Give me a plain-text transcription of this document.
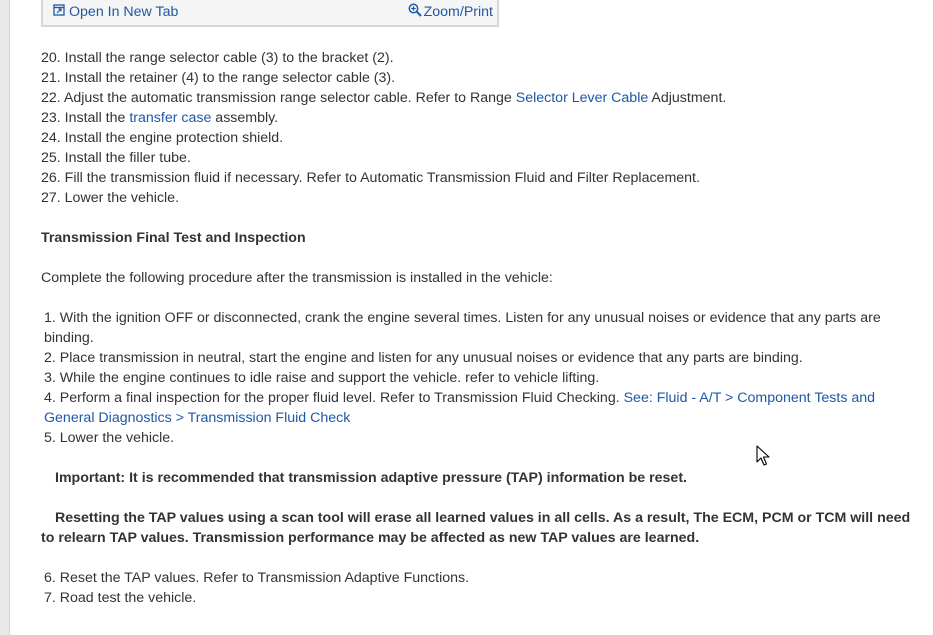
Open In New Tab	Zoom/Print
20. Install the range selector cable (3) to the bracket (2).
21. Install the retainer (4) to the range selector cable (3).
22. Adjust the automatic transmission range selector cable. Refer to Range Selector Lever Cable Adjustment.
23. Install the transfer case assembly.
24. Install the engine protection shield.
25. Install the filler tube.
26. Fill the transmission fluid if necessary. Refer to Automatic Transmission Fluid and Filter Replacement.
27. Lower the vehicle.
Transmission Final Test and Inspection
Complete the following procedure after the transmission is installed in the vehicle:
1. With the ignition OFF or disconnected, crank the engine several times. Listen for any unusual noises or evidence that any parts are binding.
2. Place transmission in neutral, start the engine and listen for any unusual noises or evidence that any parts are binding.
3. While the engine continues to idle raise and support the vehicle. refer to vehicle lifting.
4. Perform a final inspection for the proper fluid level. Refer to Transmission Fluid Checking. See: Fluid - A/T > Component Tests and General Diagnostics > Transmission Fluid Check
5. Lower the vehicle.
Important: It is recommended that transmission adaptive pressure (TAP) information be reset.
Resetting the TAP values using a scan tool will erase all learned values in all cells. As a result, The ECM, PCM or TCM will need to relearn TAP values. Transmission performance may be affected as new TAP values are learned.
6. Reset the TAP values. Refer to Transmission Adaptive Functions.
7. Road test the vehicle.
